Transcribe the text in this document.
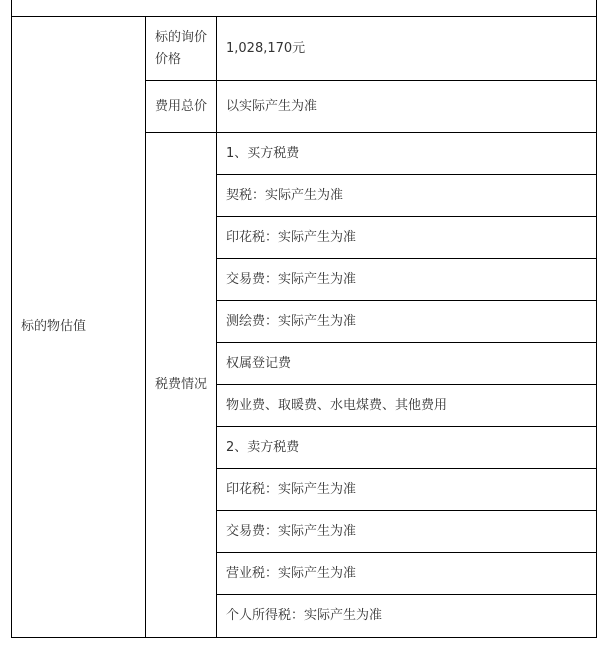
标的物估值	标的询价价格	1,028,170元
	费用总价	以实际产生为准
	税费情况	1、买方税费
		契税：实际产生为准
		印花税：实际产生为准
		交易费：实际产生为准
		测绘费：实际产生为准
		权属登记费
		物业费、取暖费、水电煤费、其他费用
		2、卖方税费
		印花税：实际产生为准
		交易费：实际产生为准
		营业税：实际产生为准
		个人所得税：实际产生为准
